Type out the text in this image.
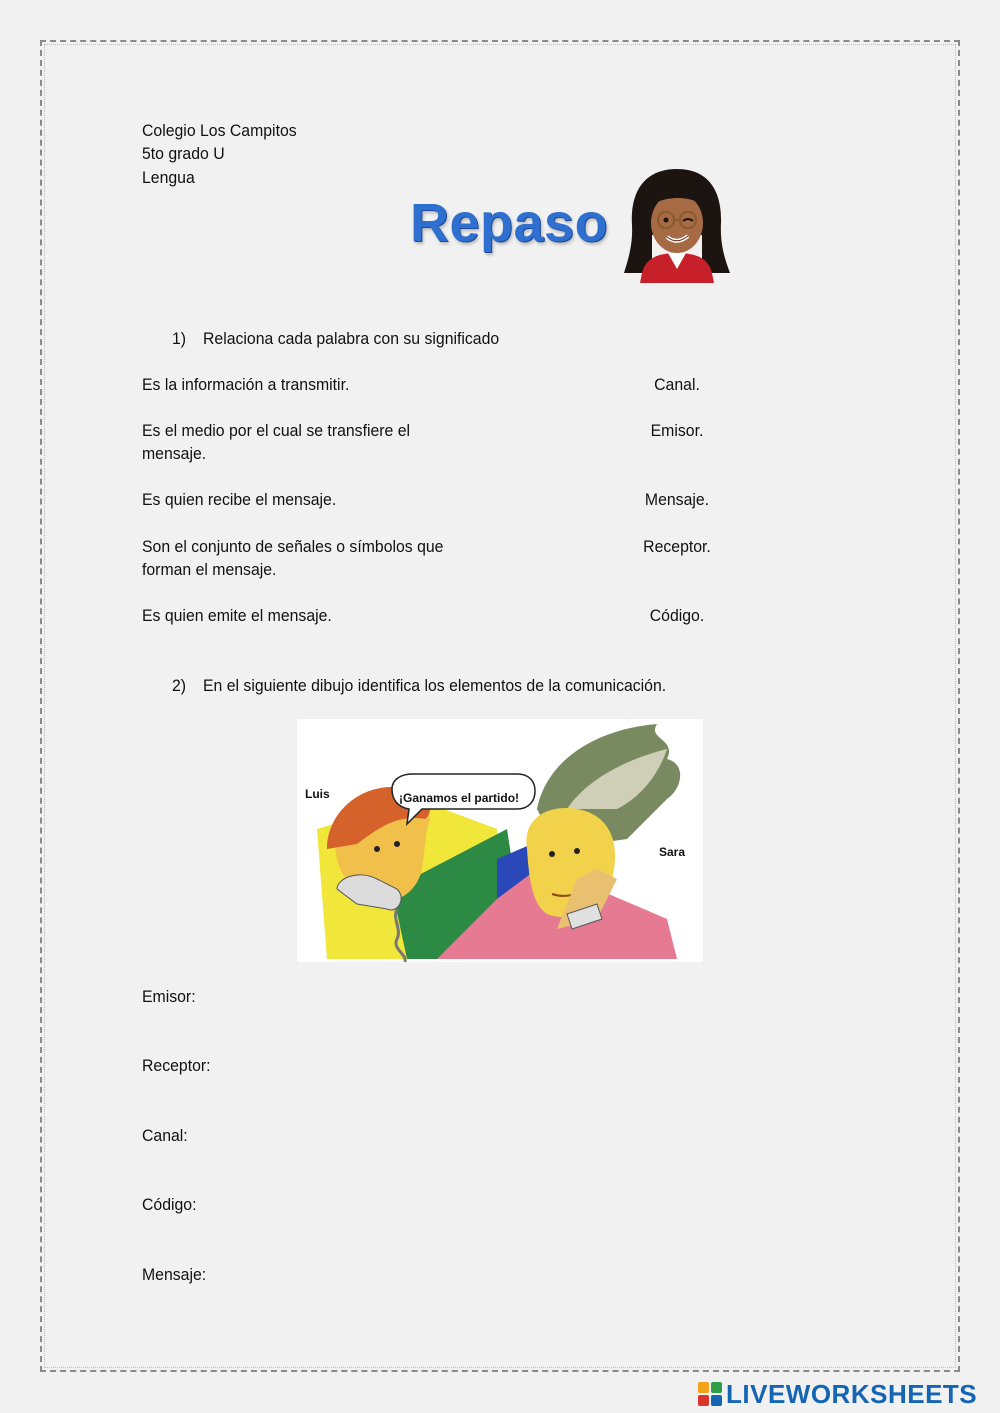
Colegio Los Campitos
5to grado U
Lengua
Repaso
1) Relaciona cada palabra con su significado
Es la información a transmitir.
Es el medio por el cual se transfiere el
mensaje.
Es quien recibe el mensaje.
Son el conjunto de señales o símbolos que
forman el mensaje.
Es quien emite el mensaje.
Canal.
Emisor.
Mensaje.
Receptor.
Código.
2) En el siguiente dibujo identifica los elementos de la comunicación.
¡Ganamos el partido!
Luis
Sara
Emisor:
Receptor:
Canal:
Código:
Mensaje:
LIVEWORKSHEETS
